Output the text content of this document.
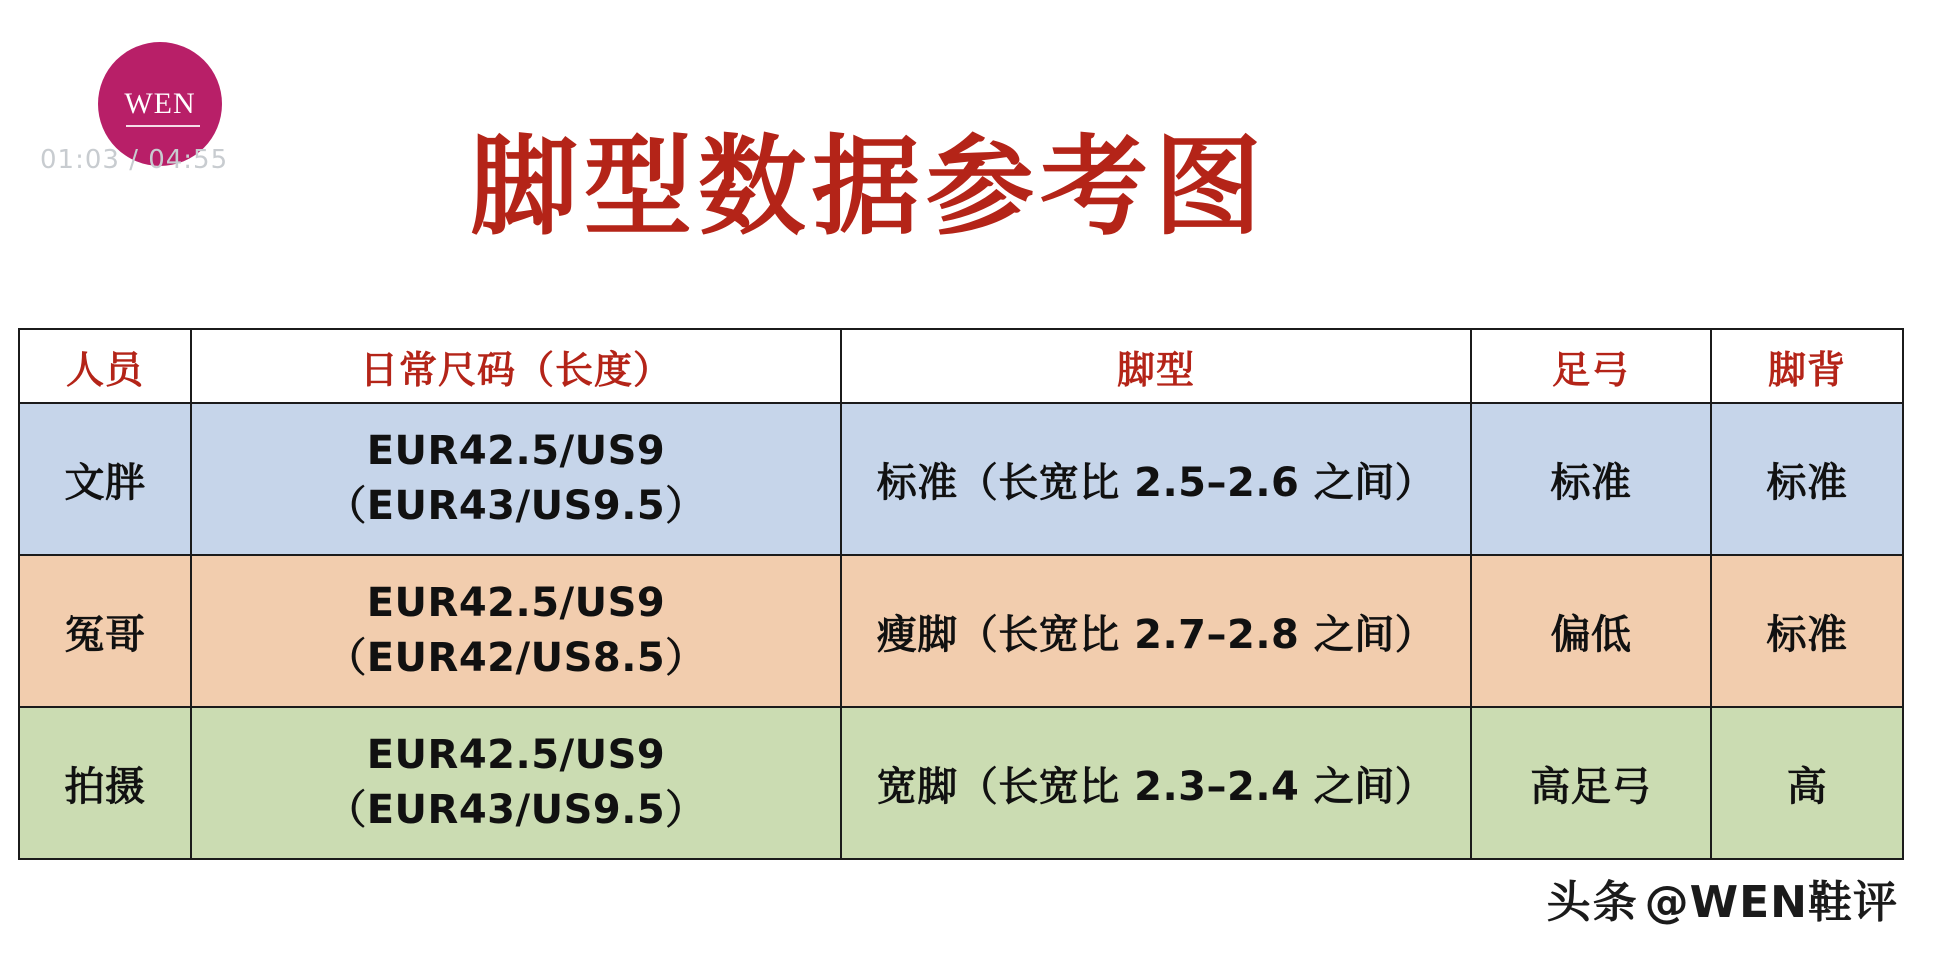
WEN
01:03 / 04:55 脚型数据参考图
人员	日常尺码（长度）	脚型	足弓	脚背
文胖	EUR42.5/US9（EUR43/US9.5）	标准（长宽比 2.5–2.6 之间）	标准	标准
冤哥	EUR42.5/US9（EUR42/US8.5）	瘦脚（长宽比 2.7–2.8 之间）	偏低	标准
拍摄	EUR42.5/US9（EUR43/US9.5）	宽脚（长宽比 2.3–2.4 之间）	高足弓	高
头条 @WEN鞋评
